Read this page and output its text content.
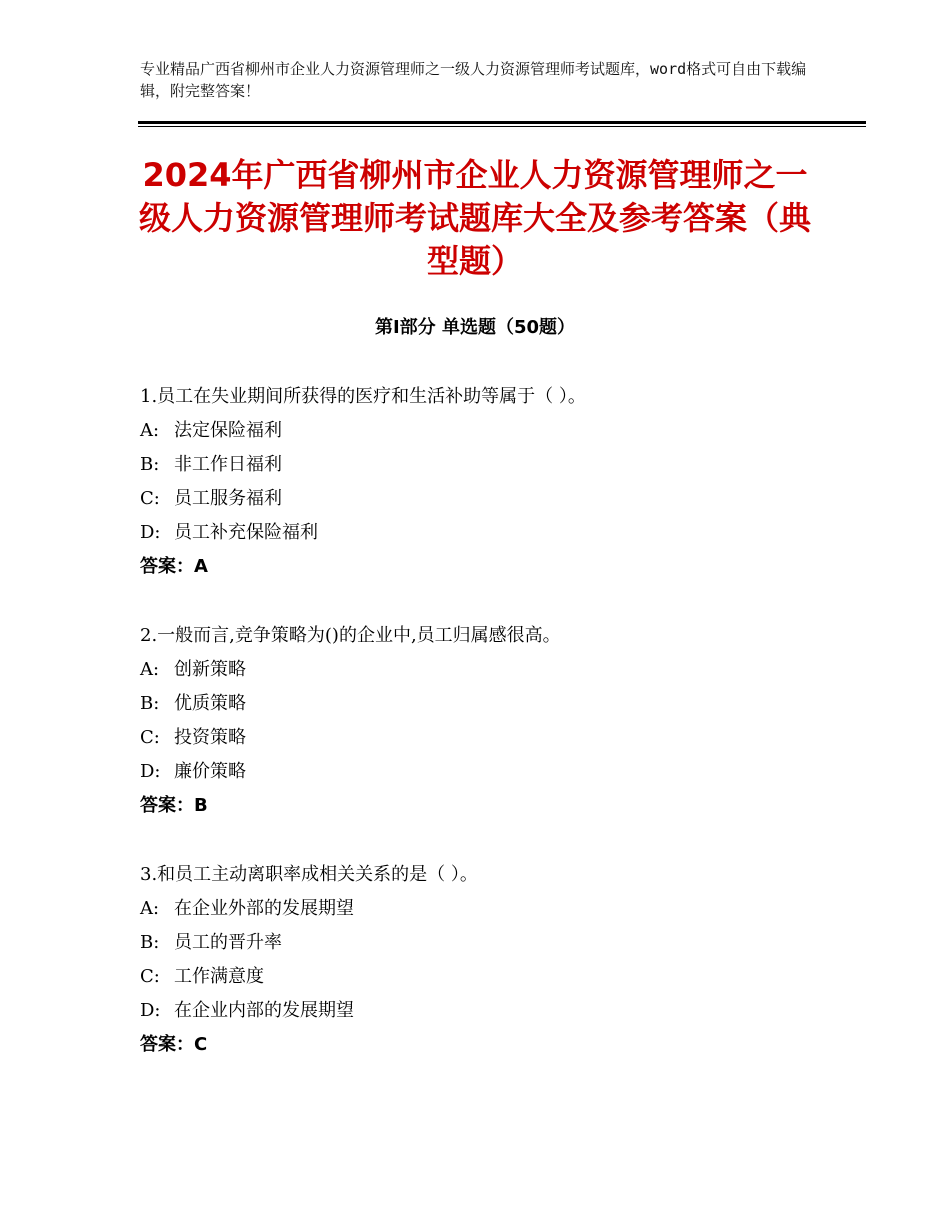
专业精品广西省柳州市企业人力资源管理师之一级人力资源管理师考试题库，word格式可自由下载编辑，附完整答案！
2024年广西省柳州市企业人力资源管理师之一级人力资源管理师考试题库大全及参考答案（典型题）
第Ⅰ部分 单选题（50题）
1.员工在失业期间所获得的医疗和生活补助等属于（ ）。
A: 法定保险福利
B: 非工作日福利
C: 员工服务福利
D: 员工补充保险福利
答案：A
2.一般而言,竞争策略为()的企业中,员工归属感很高。
A: 创新策略
B: 优质策略
C: 投资策略
D: 廉价策略
答案：B
3.和员工主动离职率成相关关系的是（ ）。
A: 在企业外部的发展期望
B: 员工的晋升率
C: 工作满意度
D: 在企业内部的发展期望
答案：C
